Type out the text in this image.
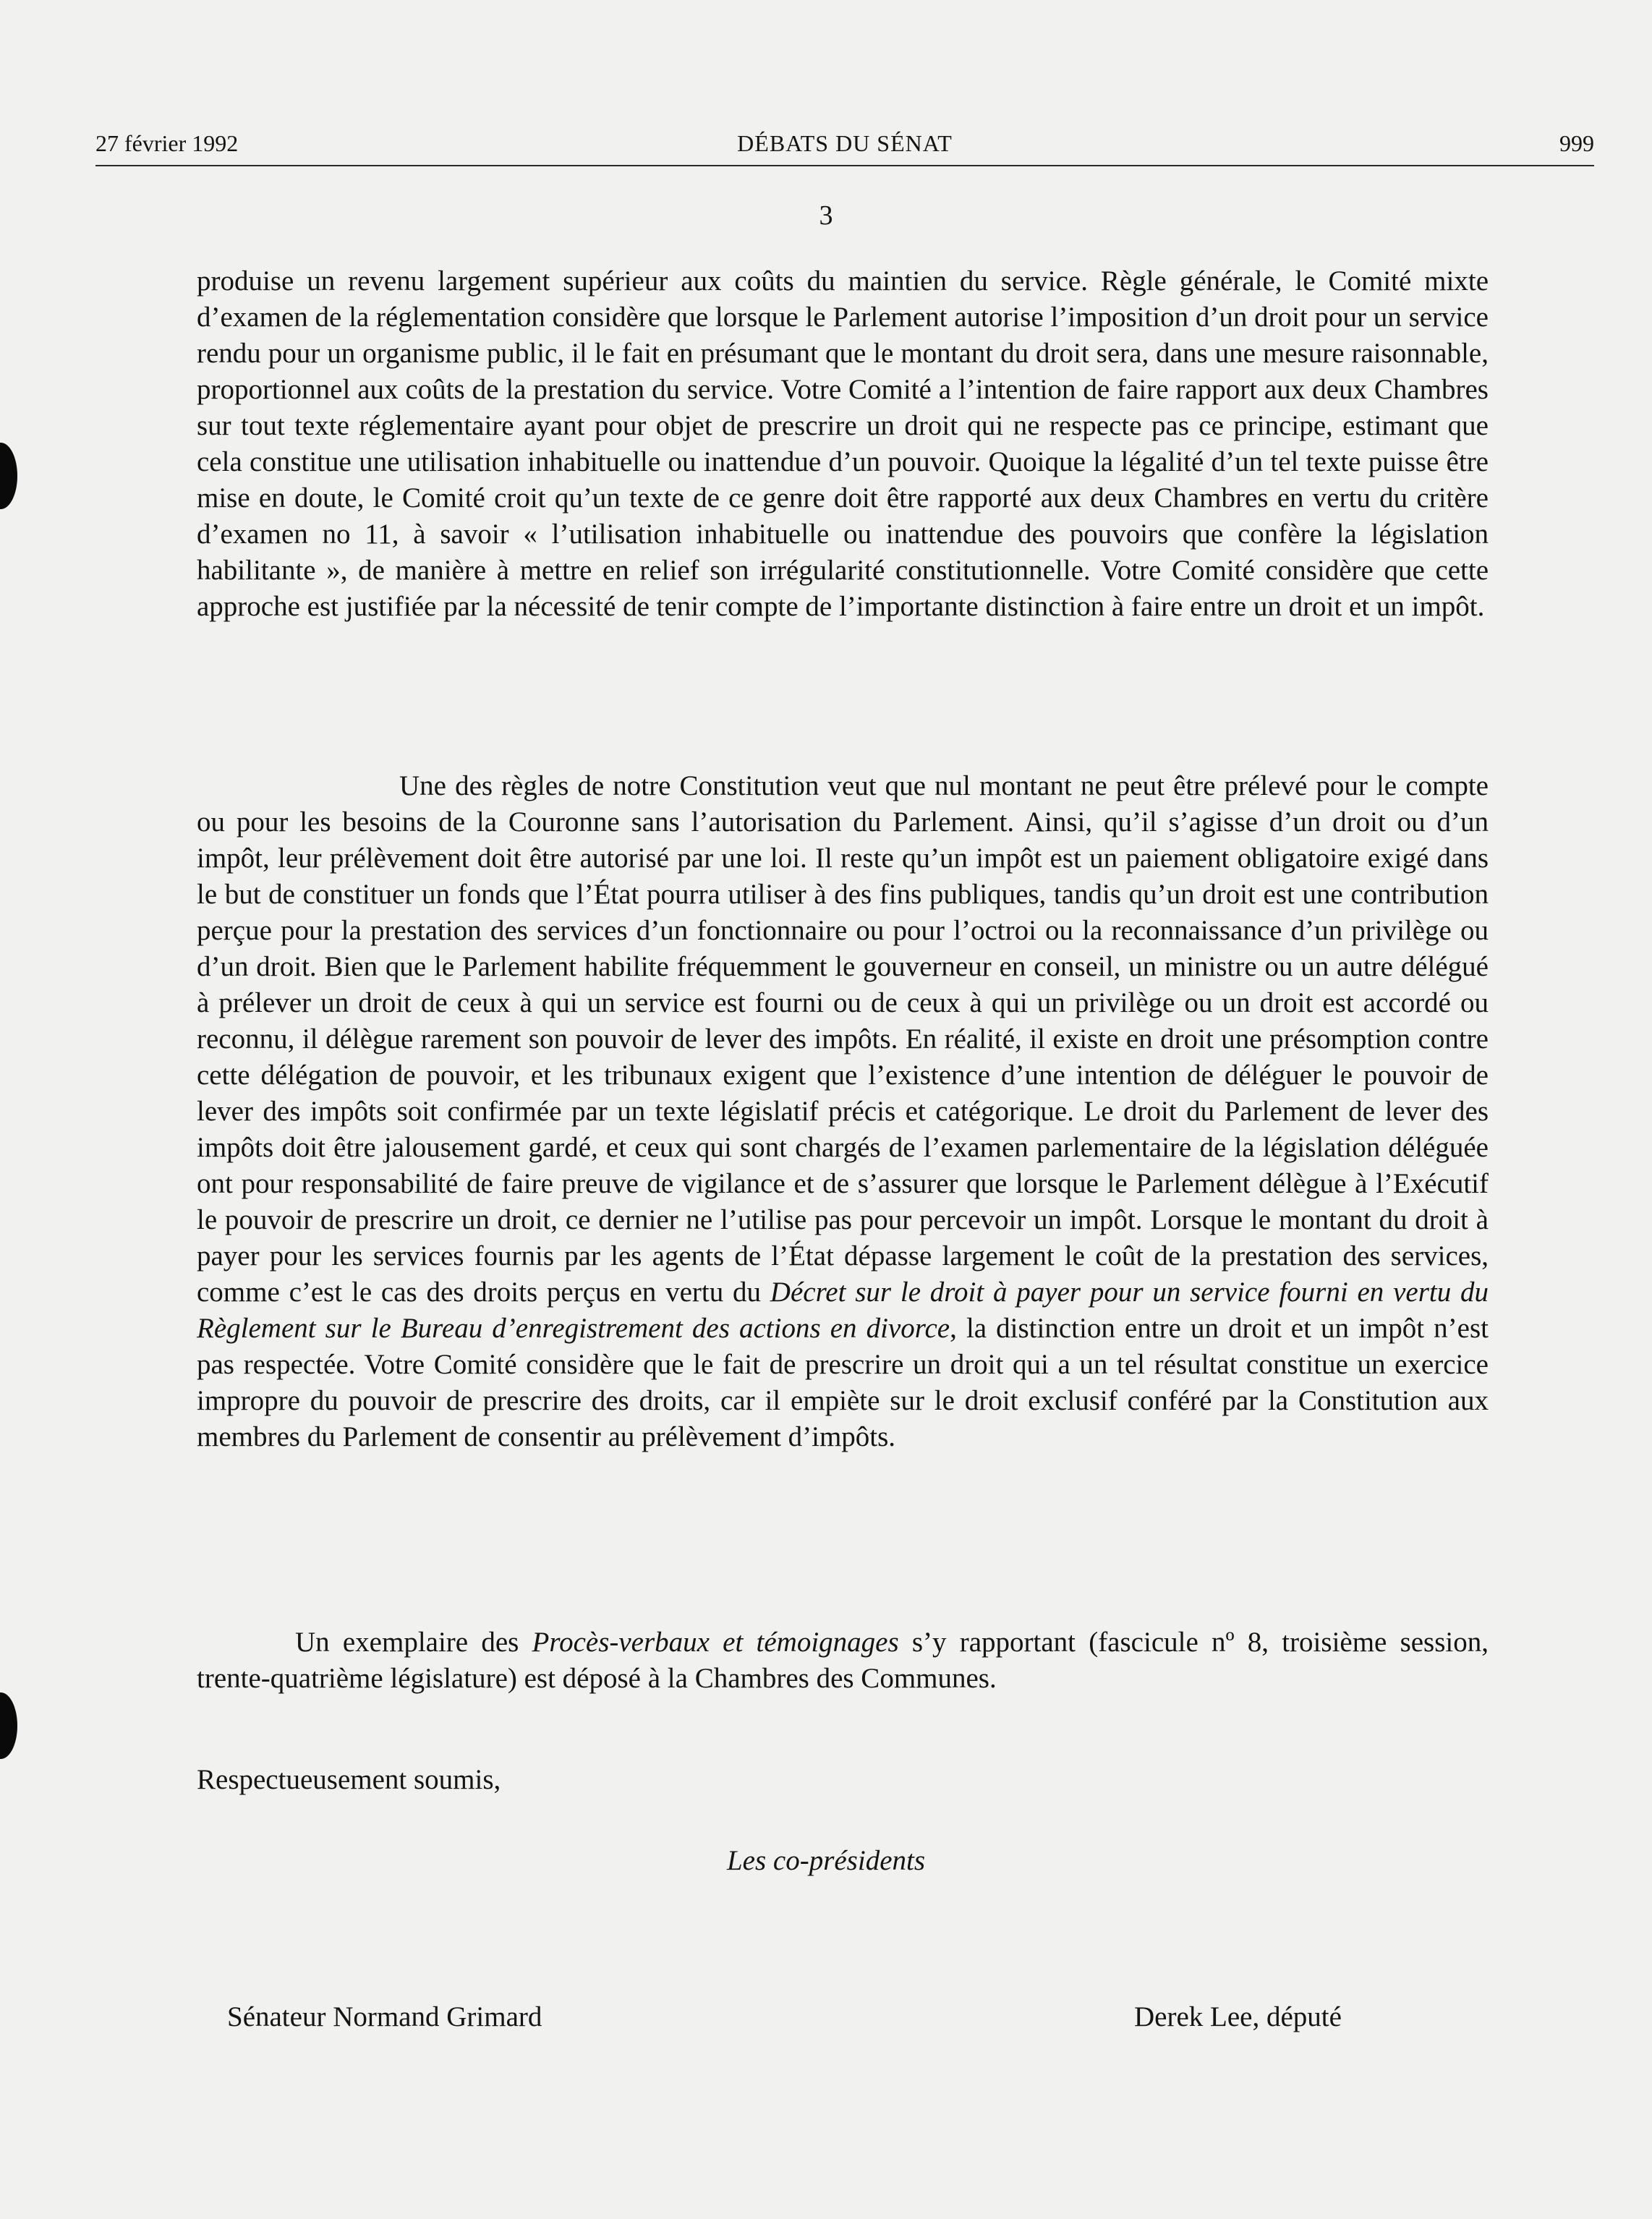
27 février 1992	DÉBATS DU SÉNAT	999
3

produise un revenu largement supérieur aux coûts du maintien du service. Règle générale, le Comité mixte d’examen de la réglementation considère que lorsque le Parlement autorise l’imposition d’un droit pour un service rendu pour un organisme public, il le fait en présumant que le montant du droit sera, dans une mesure raisonnable, proportionnel aux coûts de la prestation du service. Votre Comité a l’intention de faire rapport aux deux Chambres sur tout texte réglementaire ayant pour objet de prescrire un droit qui ne respecte pas ce principe, estimant que cela constitue une utilisation inhabituelle ou inattendue d’un pouvoir. Quoique la légalité d’un tel texte puisse être mise en doute, le Comité croit qu’un texte de ce genre doit être rapporté aux deux Chambres en vertu du critère d’examen no 11, à savoir « l’utilisation inhabituelle ou inattendue des pouvoirs que confère la législation habilitante », de manière à mettre en relief son irrégularité constitutionnelle. Votre Comité considère que cette approche est justifiée par la nécessité de tenir compte de l’importante distinction à faire entre un droit et un impôt.

Une des règles de notre Constitution veut que nul montant ne peut être prélevé pour le compte ou pour les besoins de la Couronne sans l’autorisation du Parlement. Ainsi, qu’il s’agisse d’un droit ou d’un impôt, leur prélèvement doit être autorisé par une loi. Il reste qu’un impôt est un paiement obligatoire exigé dans le but de constituer un fonds que l’État pourra utiliser à des fins publiques, tandis qu’un droit est une contribution perçue pour la prestation des services d’un fonctionnaire ou pour l’octroi ou la reconnaissance d’un privilège ou d’un droit. Bien que le Parlement habilite fréquemment le gouverneur en conseil, un ministre ou un autre délégué à prélever un droit de ceux à qui un service est fourni ou de ceux à qui un privilège ou un droit est accordé ou reconnu, il délègue rarement son pouvoir de lever des impôts. En réalité, il existe en droit une présomption contre cette délégation de pouvoir, et les tribunaux exigent que l’existence d’une intention de déléguer le pouvoir de lever des impôts soit confirmée par un texte législatif précis et catégorique. Le droit du Parlement de lever des impôts doit être jalousement gardé, et ceux qui sont chargés de l’examen parlementaire de la législation déléguée ont pour responsabilité de faire preuve de vigilance et de s’assurer que lorsque le Parlement délègue à l’Exécutif le pouvoir de prescrire un droit, ce dernier ne l’utilise pas pour percevoir un impôt. Lorsque le montant du droit à payer pour les services fournis par les agents de l’État dépasse largement le coût de la prestation des services, comme c’est le cas des droits perçus en vertu du Décret sur le droit à payer pour un service fourni en vertu du Règlement sur le Bureau d’enregistrement des actions en divorce, la distinction entre un droit et un impôt n’est pas respectée. Votre Comité considère que le fait de prescrire un droit qui a un tel résultat constitue un exercice impropre du pouvoir de prescrire des droits, car il empiète sur le droit exclusif conféré par la Constitution aux membres du Parlement de consentir au prélèvement d’impôts.

Un exemplaire des Procès-verbaux et témoignages s’y rapportant (fascicule nº 8, troisième session, trente-quatrième législature) est déposé à la Chambres des Communes.

Respectueusement soumis,
Les co-présidents
Sénateur Normand Grimard	Derek Lee, député
